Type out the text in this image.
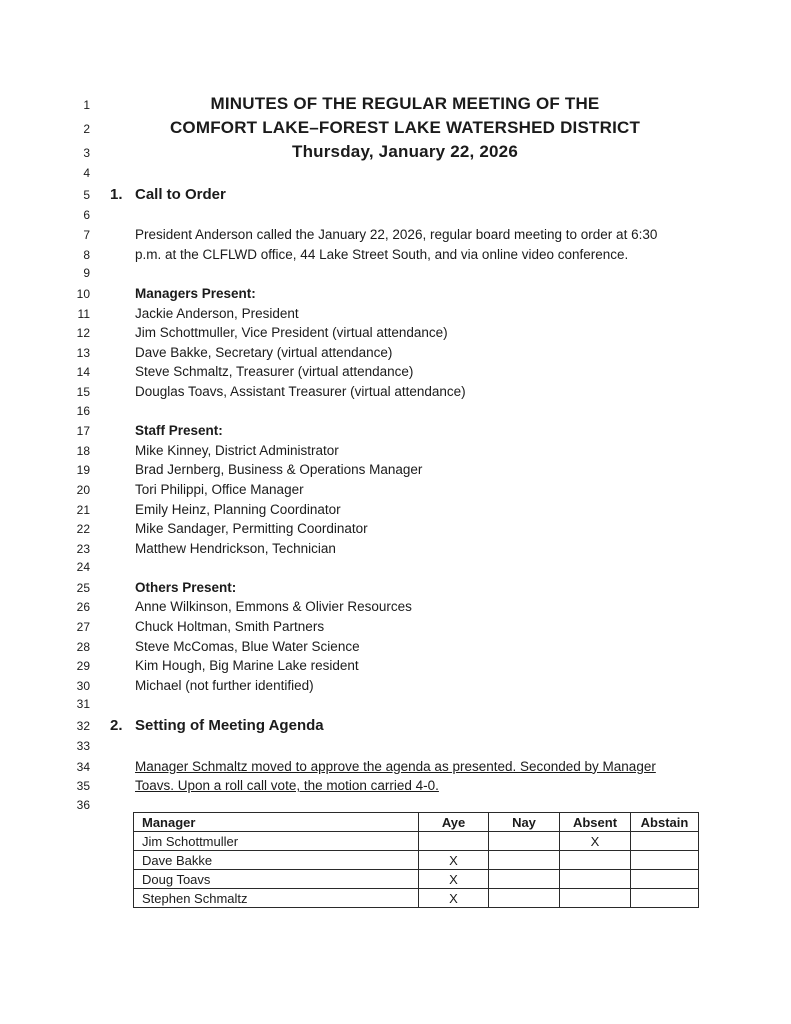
1	MINUTES OF THE REGULAR MEETING OF THE
2	COMFORT LAKE–FOREST LAKE WATERSHED DISTRICT
3	Thursday, January 22, 2026
4
5 1. Call to Order
6
7	President Anderson called the January 22, 2026, regular board meeting to order at 6:30
8	p.m. at the CLFLWD office, 44 Lake Street South, and via online video conference.
9
10	Managers Present:
11	Jackie Anderson, President
12	Jim Schottmuller, Vice President (virtual attendance)
13	Dave Bakke, Secretary (virtual attendance)
14	Steve Schmaltz, Treasurer (virtual attendance)
15	Douglas Toavs, Assistant Treasurer (virtual attendance)
16
17	Staff Present:
18	Mike Kinney, District Administrator
19	Brad Jernberg, Business & Operations Manager
20	Tori Philippi, Office Manager
21	Emily Heinz, Planning Coordinator
22	Mike Sandager, Permitting Coordinator
23	Matthew Hendrickson, Technician
24
25	Others Present:
26	Anne Wilkinson, Emmons & Olivier Resources
27	Chuck Holtman, Smith Partners
28	Steve McComas, Blue Water Science
29	Kim Hough, Big Marine Lake resident
30	Michael (not further identified)
31
32 2. Setting of Meeting Agenda
33
34	Manager Schmaltz moved to approve the agenda as presented. Seconded by Manager
35	Toavs. Upon a roll call vote, the motion carried 4-0.
36
Manager	Aye	Nay	Absent	Abstain
Jim Schottmuller			X	
Dave Bakke	X			
Doug Toavs	X			
Stephen Schmaltz	X			
